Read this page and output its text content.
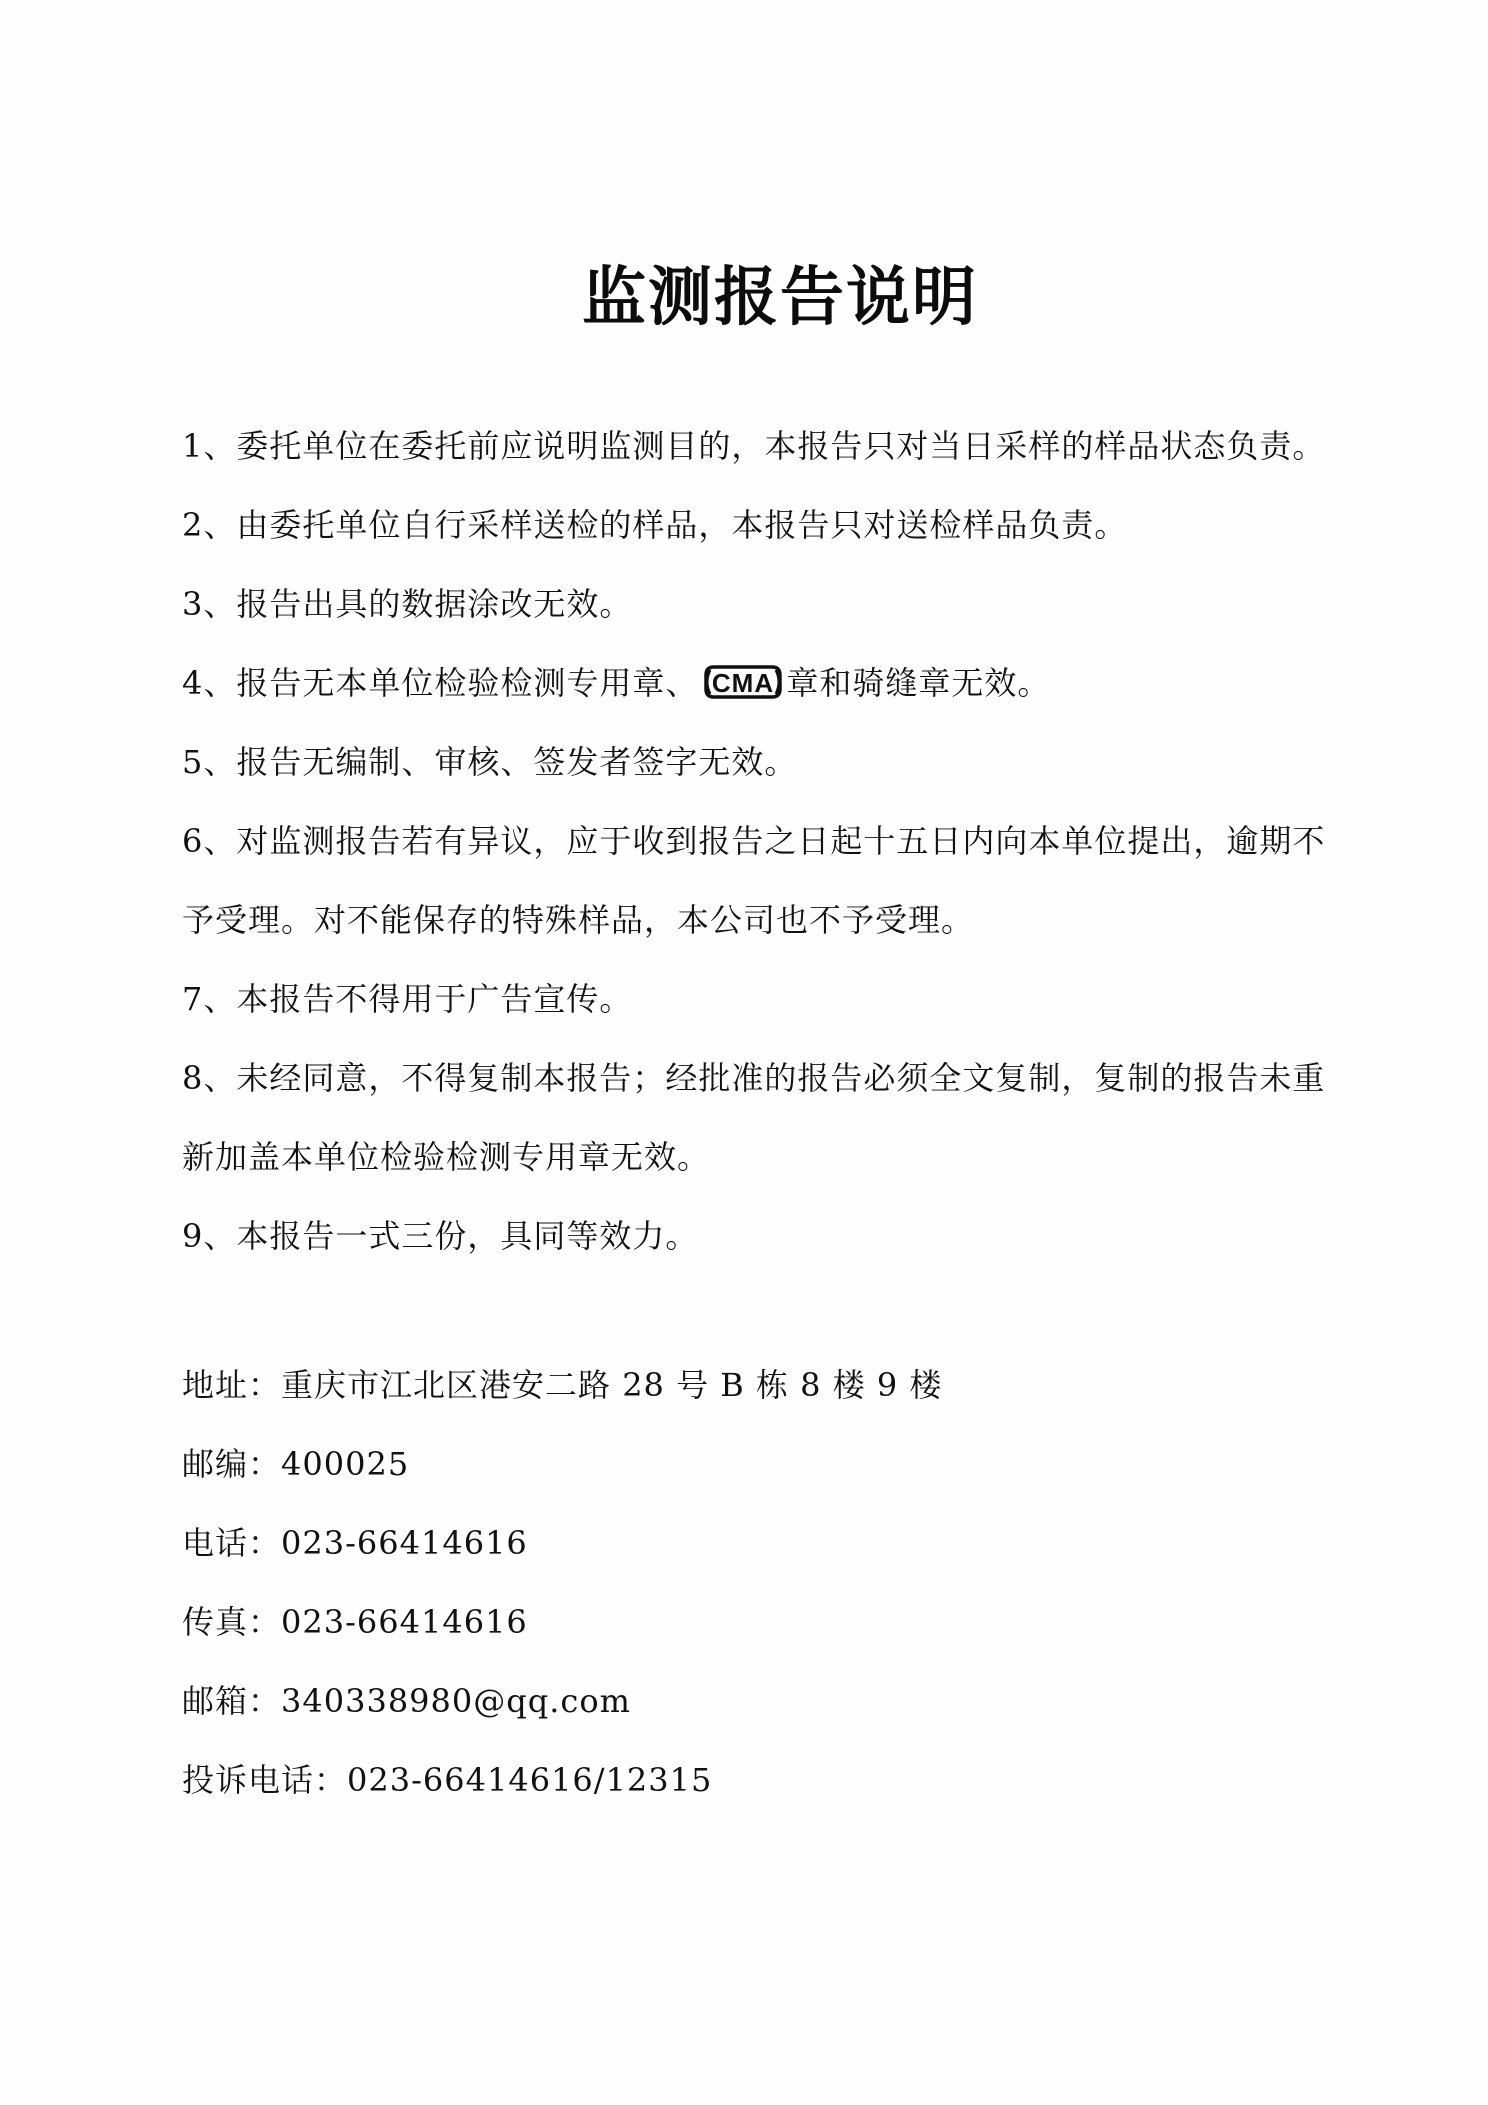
监测报告说明
1、委托单位在委托前应说明监测目的，本报告只对当日采样的样品状态负责。
2、由委托单位自行采样送检的样品，本报告只对送检样品负责。
3、报告出具的数据涂改无效。
4、报告无本单位检验检测专用章、 CMA 章和骑缝章无效。
5、报告无编制、审核、签发者签字无效。
6、对监测报告若有异议，应于收到报告之日起十五日内向本单位提出，逾期不
予受理。对不能保存的特殊样品，本公司也不予受理。
7、本报告不得用于广告宣传。
8、未经同意，不得复制本报告；经批准的报告必须全文复制，复制的报告未重
新加盖本单位检验检测专用章无效。
9、本报告一式三份，具同等效力。
地址：重庆市江北区港安二路 28 号 B 栋 8 楼 9 楼
邮编：400025
电话：023-66414616
传真：023-66414616
邮箱：340338980@qq.com
投诉电话：023-66414616/12315
